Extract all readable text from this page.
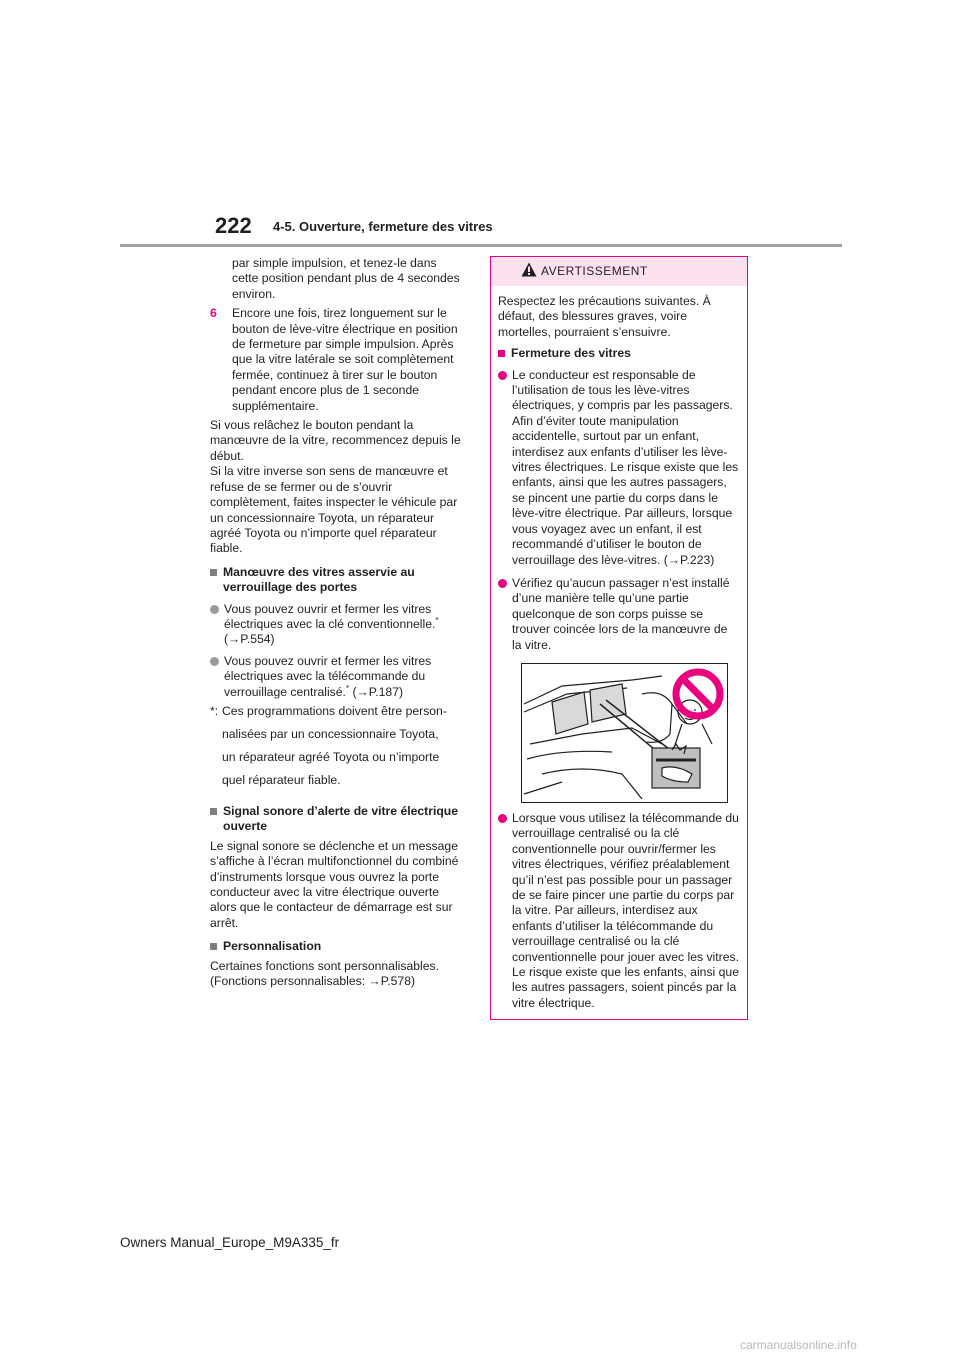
222 4-5. Ouverture, fermeture des vitres

par simple impulsion, et tenez-le dans cette position pendant plus de 4 secondes environ.

6	Encore une fois, tirez longuement sur le bouton de lève-vitre électrique en position de fermeture par simple impulsion. Après que la vitre latérale se soit complètement fermée, continuez à tirer sur le bouton pendant encore plus de 1 seconde supplémentaire.

Si vous relâchez le bouton pendant la manœuvre de la vitre, recommencez depuis le début.

Si la vitre inverse son sens de manœuvre et refuse de se fermer ou de s’ouvrir complètement, faites inspecter le véhicule par un concessionnaire Toyota, un réparateur agréé Toyota ou n’importe quel réparateur fiable.

Manœuvre des vitres asservie au verrouillage des portes
Vous pouvez ouvrir et fermer les vitres électriques avec la clé conventionnelle.*
(→P.554)
Vous pouvez ouvrir et fermer les vitres électriques avec la télécommande du verrouillage centralisé.* (→P.187)
*: Ces programmations doivent être person-
nalisées par un concessionnaire Toyota,
un réparateur agréé Toyota ou n’importe
quel réparateur fiable.
Signal sonore d’alerte de vitre électrique ouverte

Le signal sonore se déclenche et un message s’affiche à l’écran multifonctionnel du combiné d’instruments lorsque vous ouvrez la porte conducteur avec la vitre électrique ouverte alors que le contacteur de démarrage est sur arrêt.

Personnalisation

Certaines fonctions sont personnalisables. (Fonctions personnalisables: →P.578)

AVERTISSEMENT

Respectez les précautions suivantes. À défaut, des blessures graves, voire mortelles, pourraient s’ensuivre.

Fermeture des vitres
Le conducteur est responsable de l’utilisation de tous les lève-vitres électriques, y compris par les passagers. Afin d’éviter toute manipulation accidentelle, surtout par un enfant, interdisez aux enfants d’utiliser les lève-vitres électriques. Le risque existe que les enfants, ainsi que les autres passagers, se pincent une partie du corps dans le lève-vitre électrique. Par ailleurs, lorsque vous voyagez avec un enfant, il est recommandé d’utiliser le bouton de verrouillage des lève-vitres. (→P.223)
Vérifiez qu’aucun passager n’est installé d’une manière telle qu’une partie quelconque de son corps puisse se trouver coincée lors de la manœuvre de la vitre.
Lorsque vous utilisez la télécommande du verrouillage centralisé ou la clé conventionnelle pour ouvrir/fermer les vitres électriques, vérifiez préalablement qu’il n’est pas possible pour un passager de se faire pincer une partie du corps par la vitre. Par ailleurs, interdisez aux enfants d’utiliser la télécommande du verrouillage centralisé ou la clé conventionnelle pour jouer avec les vitres. Le risque existe que les enfants, ainsi que les autres passagers, soient pincés par la vitre électrique.
Owners Manual_Europe_M9A335_fr
carmanualsonline.info
